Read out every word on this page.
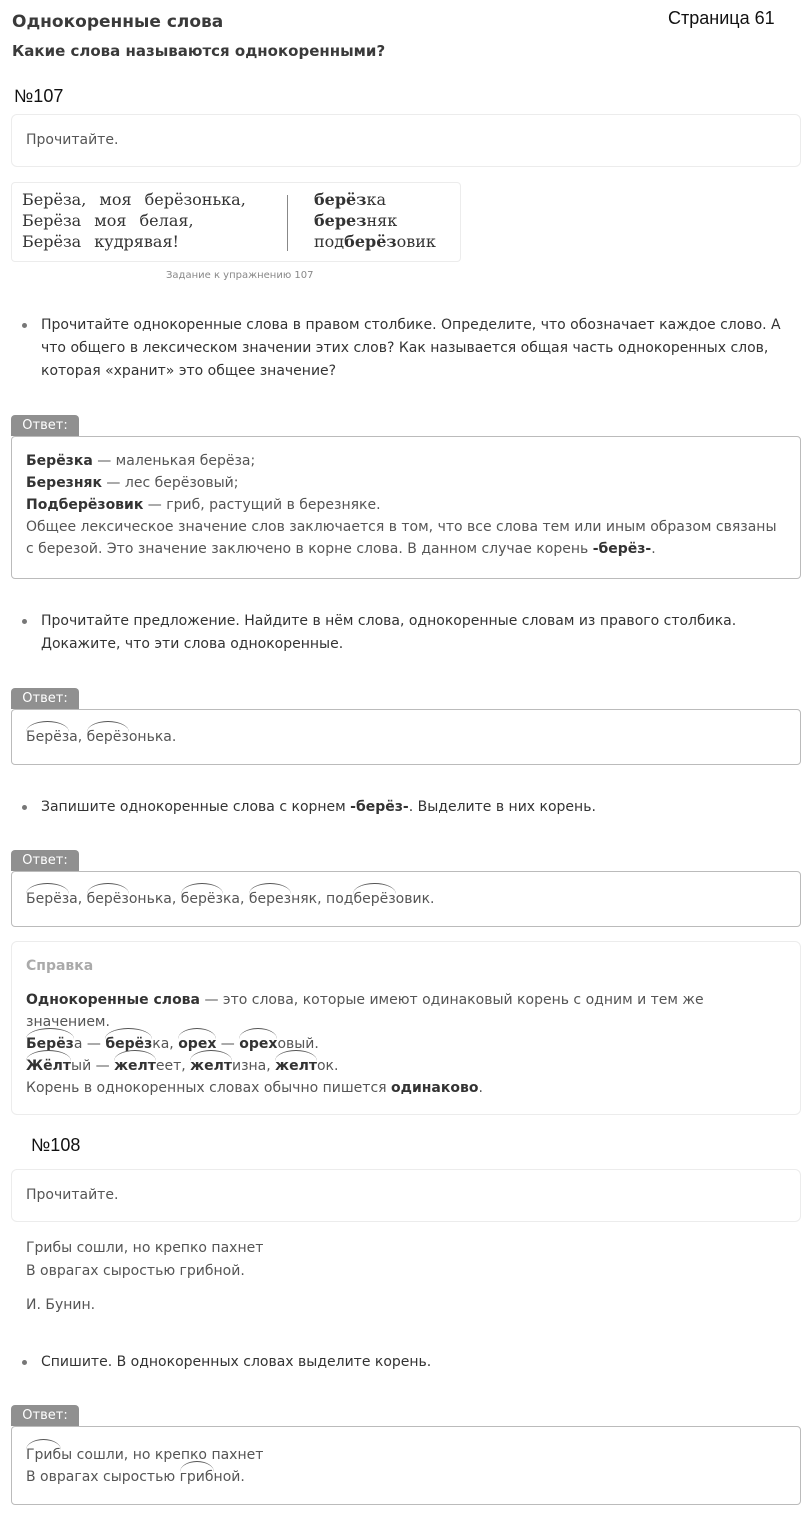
Однокоренные слова
Какие слова называются однокоренными?
Страница 61
№107
Прочитайте.
Берёза, моя берёзонька,
Берёза моя белая,
Берёза кудрявая!
берёзка
березняк
подберёзовик
Задание к упражнению 107
Прочитайте однокоренные слова в правом столбике. Определите, что обозначает каждое слово. А что общего в лексическом значении этих слов? Как называется общая часть однокоренных слов, которая «хранит» это общее значение?
Ответ:
Берёзка — маленькая берёза;
Березняк — лес берёзовый;
Подберёзовик — гриб, растущий в березняке.
Общее лексическое значение слов заключается в том, что все слова тем или иным образом связаны с березой. Это значение заключено в корне слова. В данном случае корень -берёз-.
Прочитайте предложение. Найдите в нём слова, однокоренные словам из правого столбика. Докажите, что эти слова однокоренные.
Ответ:
Берёза, берёзонька.
Запишите однокоренные слова с корнем -берёз-. Выделите в них корень.
Ответ:
Берёза, берёзонька, берёзка, березняк, подберёзовик.
Справка
Однокоренные слова — это слова, которые имеют одинаковый корень с одним и тем же значением.
Берёза — берёзка, орех — ореховый.
Жёлтый — желтеет, желтизна, желток.
Корень в однокоренных словах обычно пишется одинаково.
№108
Прочитайте.
Грибы сошли, но крепко пахнет
В оврагах сыростью грибной.
И. Бунин.
Спишите. В однокоренных словах выделите корень.
Ответ:
Грибы сошли, но крепко пахнет
В оврагах сыростью грибной.
